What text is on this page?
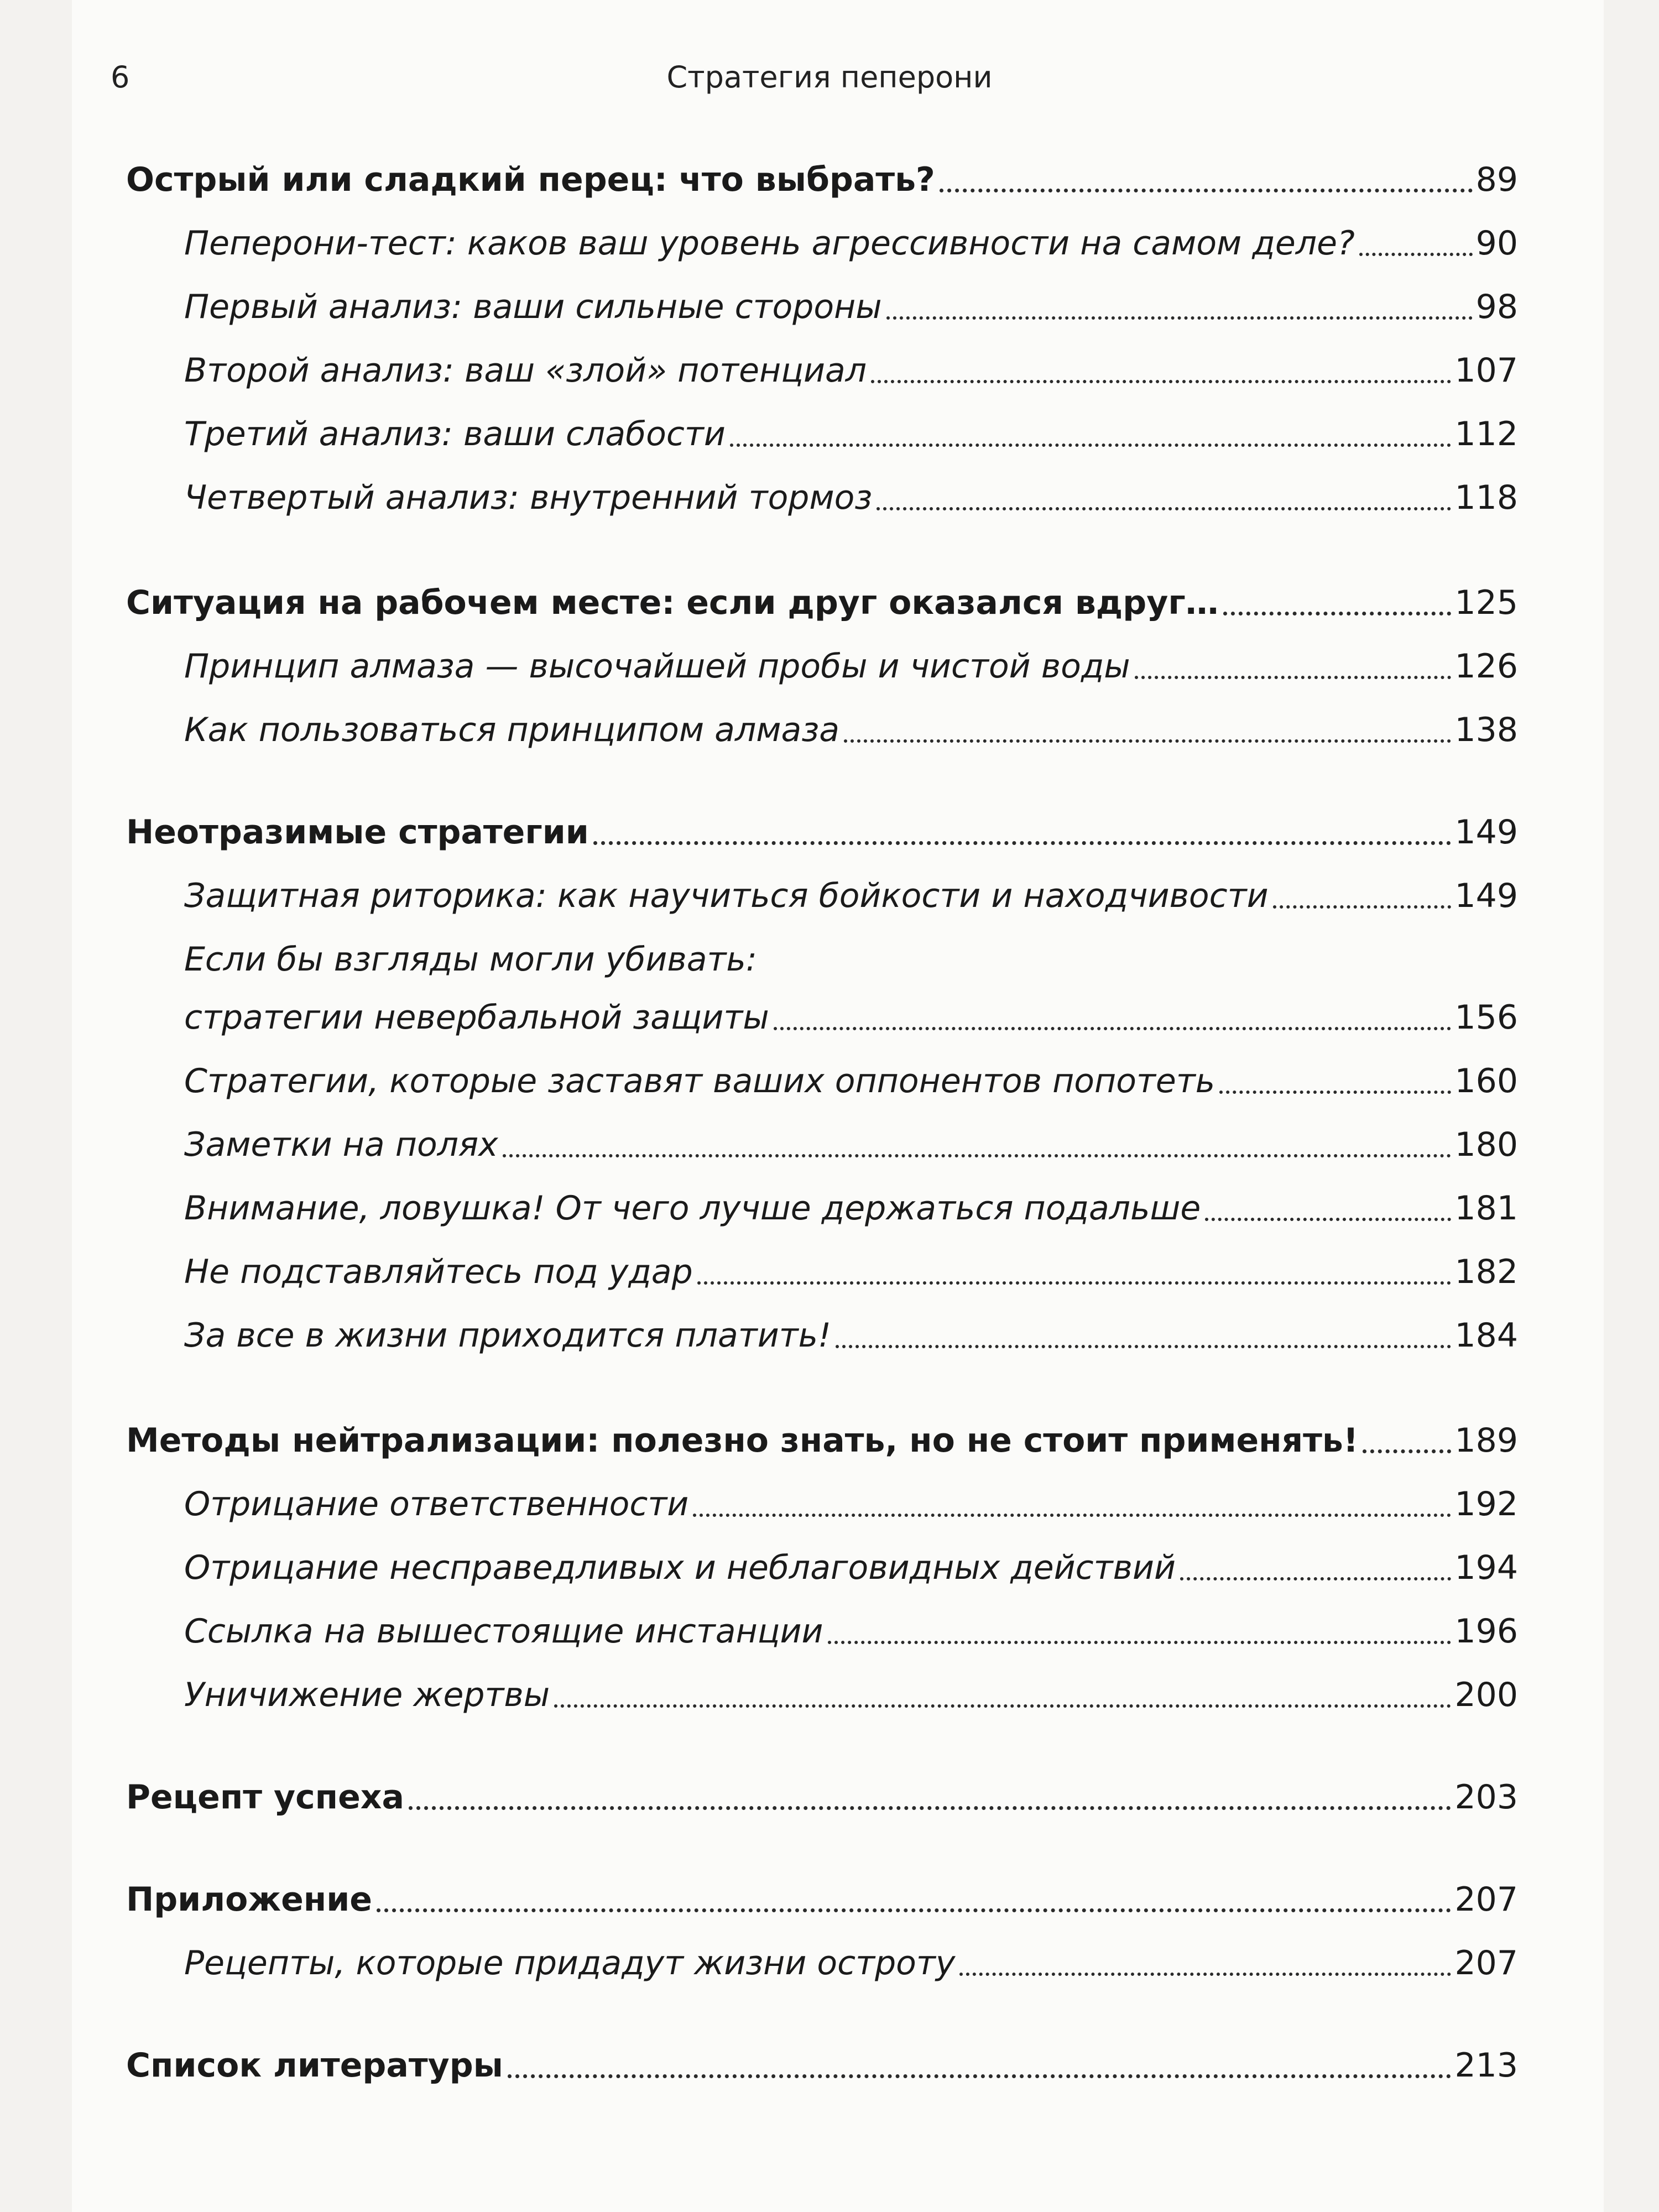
6	Стратегия пеперони
Острый или сладкий перец: что выбрать?	89
Пеперони-тест: каков ваш уровень агрессивности на самом деле?	90
Первый анализ: ваши сильные стороны	98
Второй анализ: ваш «злой» потенциал	107
Третий анализ: ваши слабости	112
Четвертый анализ: внутренний тормоз	118
Ситуация на рабочем месте: если друг оказался вдруг…	125
Принцип алмаза — высочайшей пробы и чистой воды	126
Как пользоваться принципом алмаза	138
Неотразимые стратегии	149
Защитная риторика: как научиться бойкости и находчивости	149
Если бы взгляды могли убивать:
стратегии невербальной защиты	156
Стратегии, которые заставят ваших оппонентов попотеть	160
Заметки на полях	180
Внимание, ловушка! От чего лучше держаться подальше	181
Не подставляйтесь под удар	182
За все в жизни приходится платить!	184
Методы нейтрализации: полезно знать, но не стоит применять!	189
Отрицание ответственности	192
Отрицание несправедливых и неблаговидных действий	194
Ссылка на вышестоящие инстанции	196
Уничижение жертвы	200
Рецепт успеха	203
Приложение	207
Рецепты, которые придадут жизни остроту	207
Список литературы	213
